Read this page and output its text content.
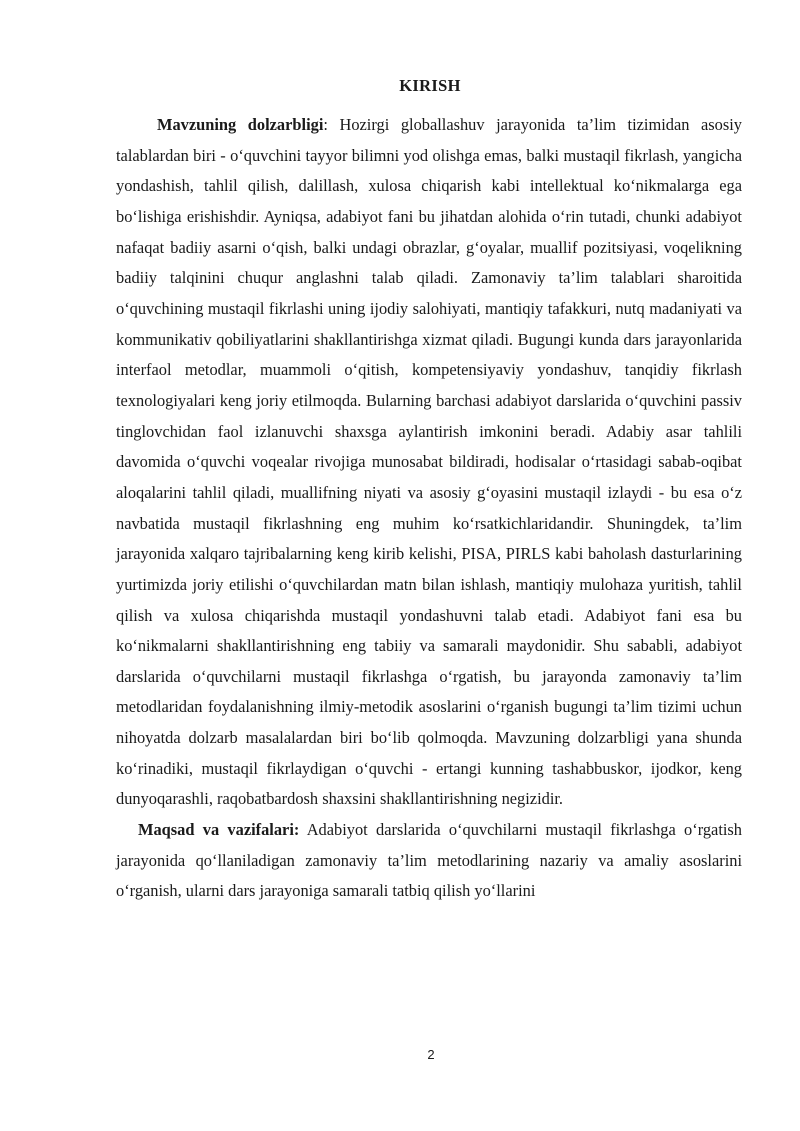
KIRISH

Mavzuning dolzarbligi: Hozirgi globallashuv jarayonida ta’lim tizimidan asosiy talablardan biri - o‘quvchini tayyor bilimni yod olishga emas, balki mustaqil fikrlash, yangicha yondashish, tahlil qilish, dalillash, xulosa chiqarish kabi intellektual ko‘nikmalarga ega bo‘lishiga erishishdir. Ayniqsa, adabiyot fani bu jihatdan alohida o‘rin tutadi, chunki adabiyot nafaqat badiiy asarni o‘qish, balki undagi obrazlar, g‘oyalar, muallif pozitsiyasi, voqelikning badiiy talqinini chuqur anglashni talab qiladi. Zamonaviy ta’lim talablari sharoitida o‘quvchining mustaqil fikrlashi uning ijodiy salohiyati, mantiqiy tafakkuri, nutq madaniyati va kommunikativ qobiliyatlarini shakllantirishga xizmat qiladi. Bugungi kunda dars jarayonlarida interfaol metodlar, muammoli o‘qitish, kompetensiyaviy yondashuv, tanqidiy fikrlash texnologiyalari keng joriy etilmoqda. Bularning barchasi adabiyot darslarida o‘quvchini passiv tinglovchidan faol izlanuvchi shaxsga aylantirish imkonini beradi. Adabiy asar tahlili davomida o‘quvchi voqealar rivojiga munosabat bildiradi, hodisalar o‘rtasidagi sabab-oqibat aloqalarini tahlil qiladi, muallifning niyati va asosiy g‘oyasini mustaqil izlaydi - bu esa o‘z navbatida mustaqil fikrlashning eng muhim ko‘rsatkichlaridandir. Shuningdek, ta’lim jarayonida xalqaro tajribalarning keng kirib kelishi, PISA, PIRLS kabi baholash dasturlarining yurtimizda joriy etilishi o‘quvchilardan matn bilan ishlash, mantiqiy mulohaza yuritish, tahlil qilish va xulosa chiqarishda mustaqil yondashuvni talab etadi. Adabiyot fani esa bu ko‘nikmalarni shakllantirishning eng tabiiy va samarali maydonidir. Shu sababli, adabiyot darslarida o‘quvchilarni mustaqil fikrlashga o‘rgatish, bu jarayonda zamonaviy ta’lim metodlaridan foydalanishning ilmiy-metodik asoslarini o‘rganish bugungi ta’lim tizimi uchun nihoyatda dolzarb masalalardan biri bo‘lib qolmoqda. Mavzuning dolzarbligi yana shunda ko‘rinadiki, mustaqil fikrlaydigan o‘quvchi - ertangi kunning tashabbuskor, ijodkor, keng dunyoqarashli, raqobatbardosh shaxsini shakllantirishning negizidir.

Maqsad va vazifalari: Adabiyot darslarida o‘quvchilarni mustaqil fikrlashga o‘rgatish jarayonida qo‘llaniladigan zamonaviy ta’lim metodlarining nazariy va amaliy asoslarini o‘rganish, ularni dars jarayoniga samarali tatbiq qilish yo‘llarini

2
